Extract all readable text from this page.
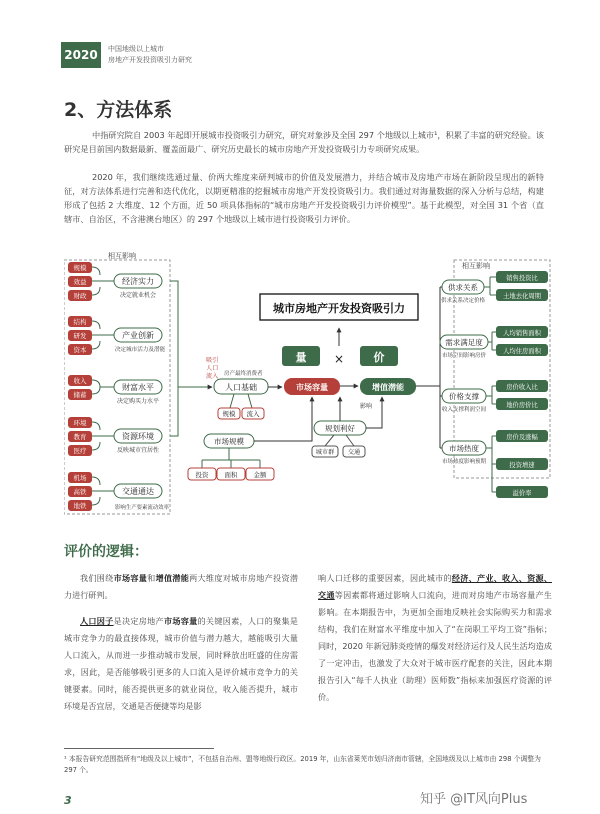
2020	中国地级以上城市
房地产开发投资吸引力研究
2、方法体系
中指研究院自 2003 年起即开展城市投资吸引力研究，研究对象涉及全国 297 个地级以上城市¹，积累了丰富的研究经验。该研究是目前国内数据最新、覆盖面最广、研究历史最长的城市房地产开发投资吸引力专项研究成果。
2020 年，我们继续选通过量、价两大维度来研判城市的价值及发展潜力，并结合城市及房地产市场在新阶段呈现出的新特征，对方法体系进行完善和迭代优化，以期更精准的挖掘城市房地产开发投资吸引力。我们通过对海量数据的深入分析与总结，构建形成了包括 2 大维度、12 个方面，近 50 项具体指标的“城市房地产开发投资吸引力评价模型”。基于此模型，对全国 31 个省（直辖市、自治区，不含港澳台地区）的 297 个地级以上城市进行投资吸引力评价。
相互影响
相互影响
规模
效益
财政
经济实力
决定就业机会
结构
研发
资本
产业创新
决定城市活力及潜能
收入
储蓄
财富水平
决定购买力水平
环境
教育
医疗
资源环境
反映城市宜居性
机场
高铁
地铁
交通通达
影响生产要素流动效率
吸引人口流入 房产最终消费者
人口基础
规模 流入
城市房地产开发投资吸引力
量 ×	价
市场容量	增值潜能
规划利好
影响
城市群 交通
市场规模
投资 面积 金额
供求关系
供求关系决定价格
销售投资比
土地去化周期
需求满足度
市场空间影响房价
人均销售面积
人均住房面积
价格支撑
收入支撑利润空间
房价收入比
地价房价比
市场热度
市场热度影响预期
房价及涨幅
投资增速
溢价率
评价的逻辑：
我们围绕市场容量和增值潜能两大维度对城市房地产投资潜力进行研判。
人口因子是决定房地产市场容量的关键因素，人口的聚集是城市竞争力的最直接体现，城市价值与潜力越大，越能吸引大量人口流入，从而进一步推动城市发展，同时释放出旺盛的住房需求，因此，是否能够吸引更多的人口流入是评价城市竞争力的关键要素。同时，能否提供更多的就业岗位，收入能否提升，城市环境是否宜居，交通是否便捷等均是影
响人口迁移的重要因素，因此城市的经济、产业、收入、资源、交通等因素都将通过影响人口流向，进而对房地产市场容量产生影响。在本期报告中，为更加全面地反映社会实际购买力和需求结构，我们在财富水平维度中加入了“在岗职工平均工资”指标；同时，2020 年新冠肺炎疫情的爆发对经济运行及人民生活均造成了一定冲击，也激发了大众对于城市医疗配套的关注，因此本期报告引入“每千人执业（助理）医师数”指标来加强医疗资源的评价。
¹ 本报告研究范围指所有“地级及以上城市”，不包括自治州、盟等地级行政区。2019 年，山东省莱芜市划归济南市管辖，全国地级及以上城市由 298 个调整为 297 个。
3	知乎 @IT风向Plus
